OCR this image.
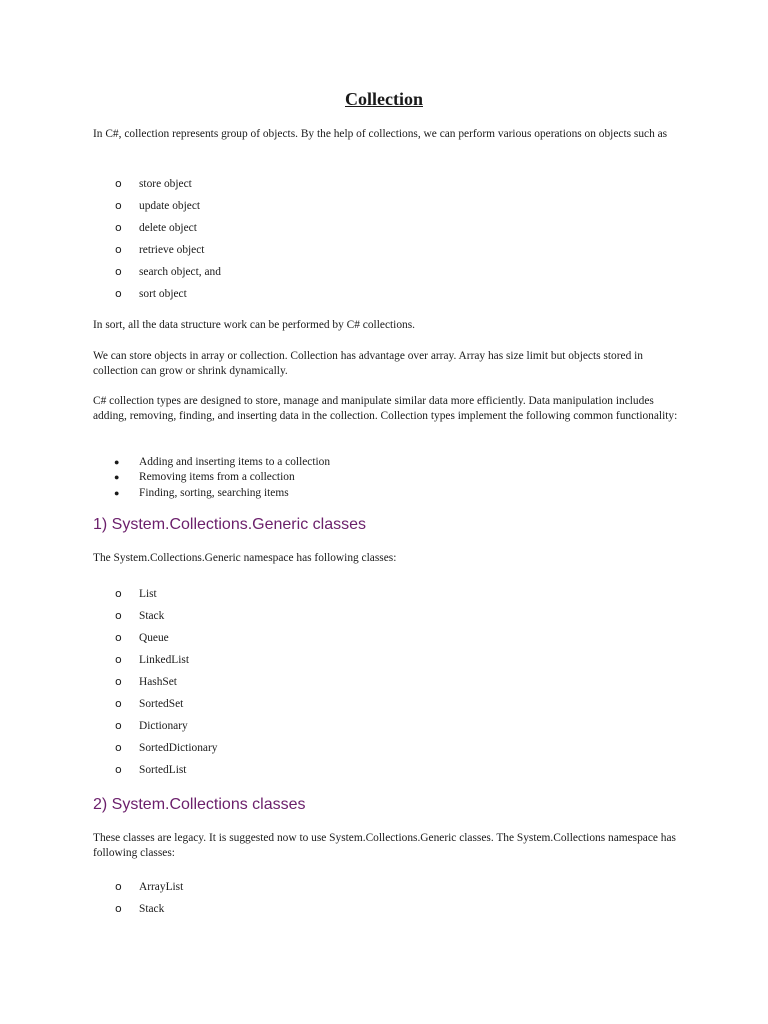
Collection

In C#, collection represents group of objects. By the help of collections, we can perform various operations on objects such as

o store object
o update object
o delete object
o retrieve object
o search object, and
o sort object

In sort, all the data structure work can be performed by C# collections.

We can store objects in array or collection. Collection has advantage over array. Array has size limit but objects stored in collection can grow or shrink dynamically.

C# collection types are designed to store, manage and manipulate similar data more efficiently. Data manipulation includes adding, removing, finding, and inserting data in the collection. Collection types implement the following common functionality:

● Adding and inserting items to a collection
● Removing items from a collection
● Finding, sorting, searching items
1) System.Collections.Generic classes

The System.Collections.Generic namespace has following classes:

o List
o Stack
o Queue
o LinkedList
o HashSet
o SortedSet
o Dictionary
o SortedDictionary
o SortedList
2) System.Collections classes

These classes are legacy. It is suggested now to use System.Collections.Generic classes. The System.Collections namespace has following classes:

o ArrayList
o Stack
